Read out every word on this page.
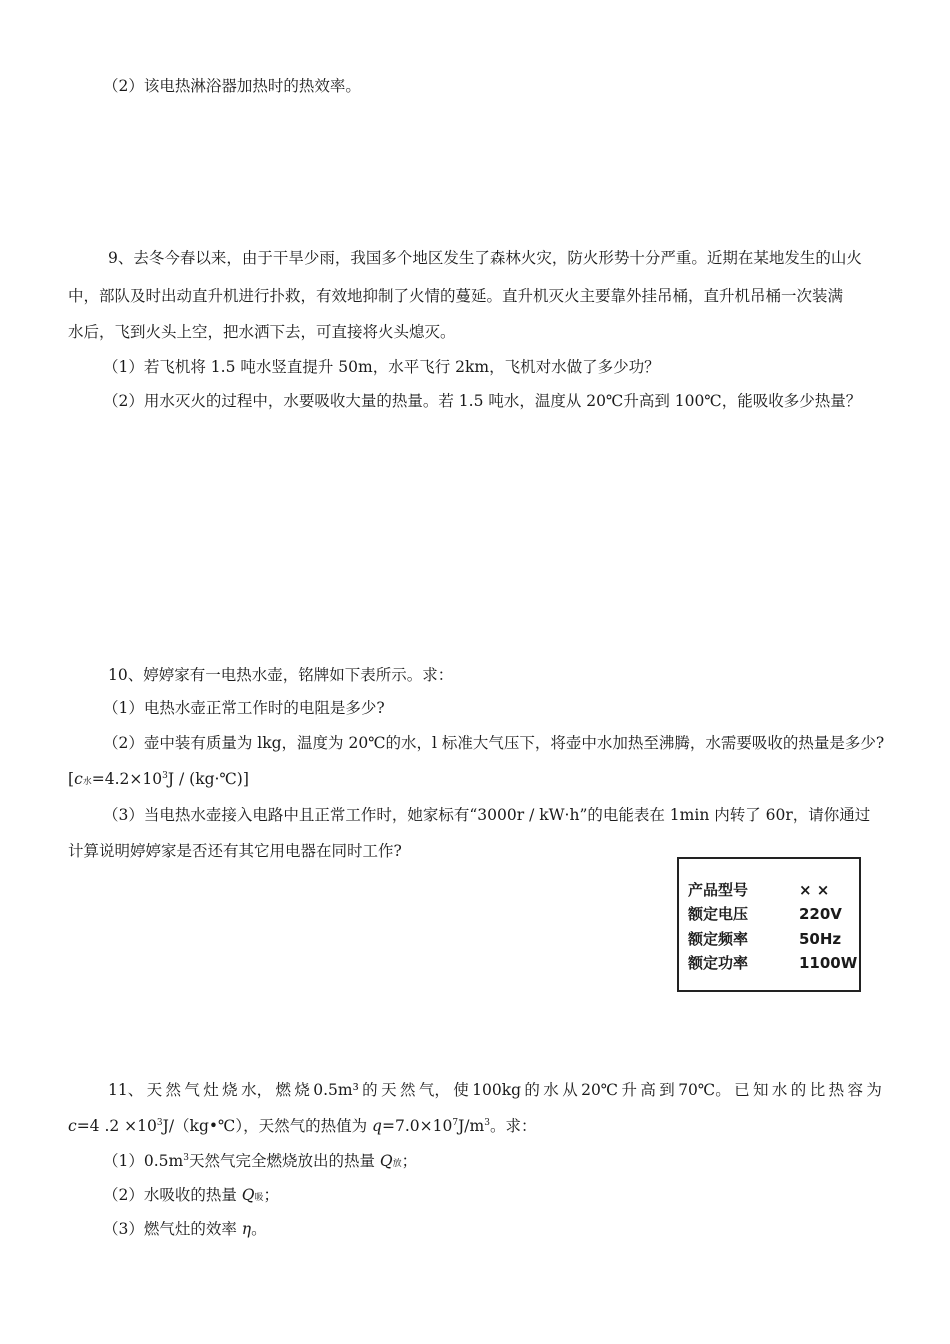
（2）该电热淋浴器加热时的热效率。
9、去冬今春以来，由于干旱少雨，我国多个地区发生了森林火灾，防火形势十分严重。近期在某地发生的山火
中，部队及时出动直升机进行扑救，有效地抑制了火情的蔓延。直升机灭火主要靠外挂吊桶，直升机吊桶一次装满
水后，飞到火头上空，把水洒下去，可直接将火头熄灭。
（1）若飞机将 1.5 吨水竖直提升 50m，水平飞行 2km，飞机对水做了多少功？
（2）用水灭火的过程中，水要吸收大量的热量。若 1.5 吨水，温度从 20℃升高到 100℃，能吸收多少热量？
10、婷婷家有一电热水壶，铭牌如下表所示。求：
（1）电热水壶正常工作时的电阻是多少?
（2）壶中装有质量为 lkg，温度为 20℃的水，l 标准大气压下，将壶中水加热至沸腾，水需要吸收的热量是多少?
[c水$=4.2\times 10^3J$ / (kg·℃)]
（3）当电热水壶接入电路中且正常工作时，她家标有“3000r / kW·h”的电能表在 1min 内转了 60r，请你通过
计算说明婷婷家是否还有其它用电器在同时工作?
产品型号	× ×
额定电压	220V
额定频率	50Hz
额定功率	1100W
11、 天 然 气 灶 烧 水， 燃 烧 0.5m³ 的 天 然 气， 使 100kg 的 水 从 20℃ 升 高 到 70℃。 已 知 水 的 比 热 容 为
c=4 $.2 \times 10^3J/(kg•℃)$，天然气的热值为 $q=7.0\times 10^7J/m^3$。求：
$(1)0.5m^3$天然气完全燃烧放出的热量 Q放；
（2）水吸收的热量 Q吸；
（3）燃气灶的效率 η。
